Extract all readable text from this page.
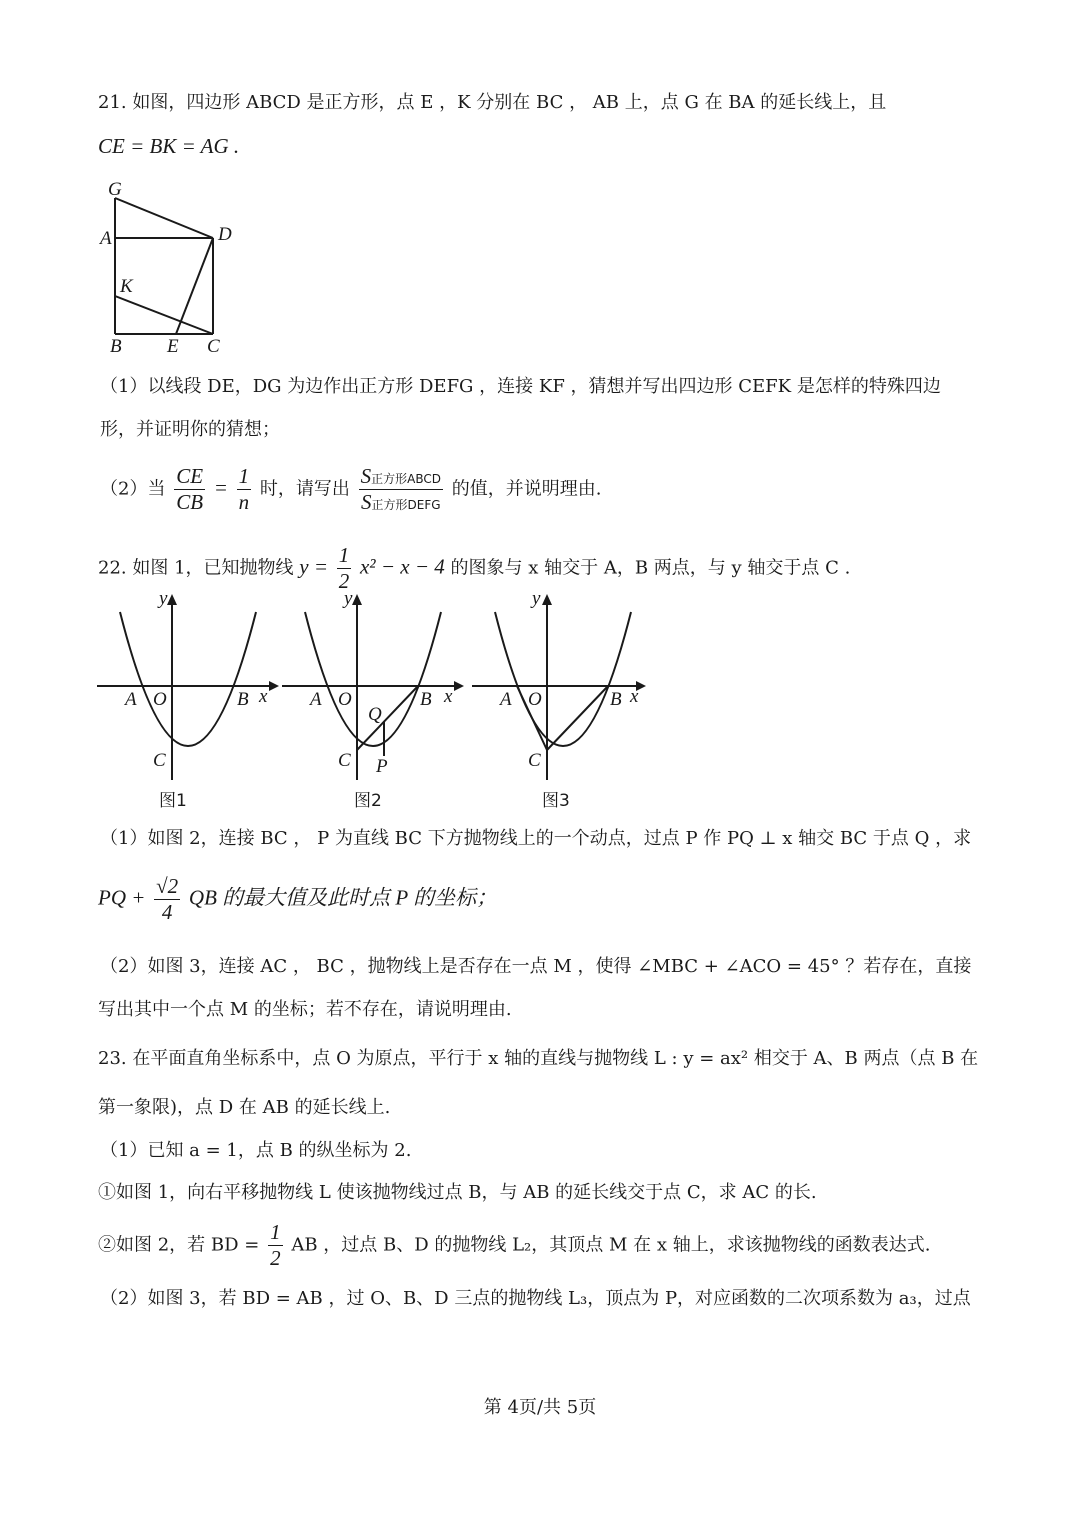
21. 如图，四边形 ABCD 是正方形，点 E ，K 分别在 BC ， AB 上，点 G 在 BA 的延长线上，且
CE = BK = AG .
G
A	D
K
B E C
（1）以线段 DE，DG 为边作出正方形 DEFG ，连接 KF ，猜想并写出四边形 CEFK 是怎样的特殊四边
形，并证明你的猜想；
（2）当 $\frac{CE}{CB} = \frac{1}{n}$ 时，请写出 $\frac{\text{S正方形ABCD}}{\text{S正方形DEFG}}$ 的值，并说明理由.
22. 如图 1，已知抛物线 $y = \frac{1}{2} x^2 - x - 4$ 的图象与 x 轴交于 A，B 两点，与 y 轴交于点 C .
y
x
A O	B
C
图1
y
x
A O	B
C
Q
P
图2
y
x
A O	B
C
图3
（1）如图 2，连接 BC ， P 为直线 BC 下方抛物线上的一个动点，过点 P 作 PQ ⊥ x 轴交 BC 于点 Q ，求
PQ + $\frac{√2}{4}$ QB 的最大值及此时点 P 的坐标；
（2）如图 3，连接 AC ， BC ，抛物线上是否存在一点 M ，使得 ∠MBC + ∠ACO = 45° ？若存在，直接
写出其中一个点 M 的坐标；若不存在，请说明理由.
23. 在平面直角坐标系中，点 O 为原点，平行于 x 轴的直线与抛物线 L : y = ax² 相交于 A、B 两点（点 B 在
第一象限)，点 D 在 AB 的延长线上.
（1）已知 a = 1，点 B 的纵坐标为 2.
①如图 1，向右平移抛物线 L 使该抛物线过点 B，与 AB 的延长线交于点 C，求 AC 的长.
②如图 2，若 BD = $\frac{1}{2}$ AB ，过点 B、D 的抛物线 L₂，其顶点 M 在 x 轴上，求该抛物线的函数表达式.
（2）如图 3，若 BD = AB ，过 O、B、D 三点的抛物线 L₃，顶点为 P，对应函数的二次项系数为 a₃，过点
第 4页/共 5页
